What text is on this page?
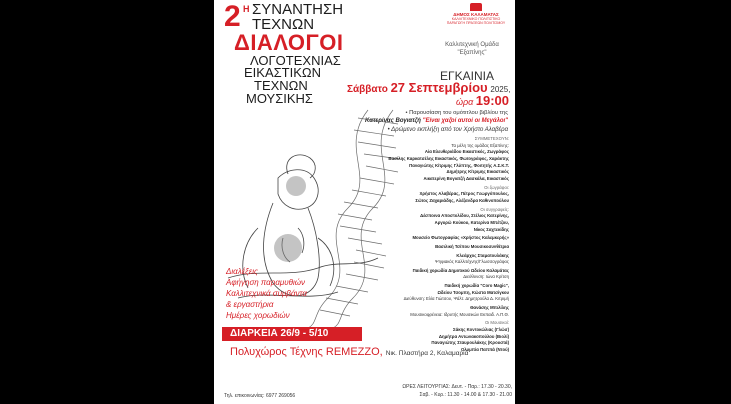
2 Η ΣΥΝΑΝΤΗΣΗ
ΤΕΧΝΩΝ
ΔΙΑΛΟΓΟΙ
ΛΟΓΟΤΕΧΝΙΑΣ
ΕΙΚΑΣΤΙΚΩΝ
ΤΕΧΝΩΝ
ΜΟΥΣΙΚΗΣ
ΔΗΜΟΣ ΚΑΛΑΜΑΤΑΣ
ΚΑΛΛΙΤΕΧΝΙΚΟ ΠΟΛΙΤΙΣΤΙΚΟ
ΠΑΡΑΓΩΓΗ ΠΡΑΞΕΩΝ ΠΟΛΙΤΙΣΜΟΥ
Καλλιτεχνική Ομάδα
"Εξαπίνης"
ΕΓΚΑΙΝΙΑ
Σάββατο 27 Σεπτεμβρίου 2025,
ώρα 19:00
• Παρουσίαση του ομότιτλου βιβλίου της
Κατερίνας Βογιατζή "Είναι χαζοί αυτοί οι Μεγάλοι"
• Δρώμενο εκπλήξη από τον Χρήστο Αλαβέρα
ΣΥΜΜΕΤΕΧΟΥΝ:
Τα μέλη της ομάδας Εξαπίνης:
Αία Ελευθεριάδου Εικαστικός, Ζωγράφος
Βασίλης Καρκατσέλης Εικαστικός, Φωτογράφος, Χαράκτης
Παναγιώτης Κίτριμης Γλύπτης, Φοιτητής Α.Σ.Κ.Τ.
Δημήτρης Κίτριμης Εικαστικός
Αικατερίνη Βογιατζή Δασκάλα, Εικαστικός
Οι ζωγράφοι:
Χρήστος Αλαβέρας, Πέτρος Γεωργόπουλος,
Σώτος Ζαχαριάδης, Αλέξανδρα Καθινοπούλου
Οι συγγραφείς:
Δέσποινα Αποστολίδου, Στέλιος Κατερίνης,
Αργυρώ Κούκου, Κατερίνα Μπέτζου,
Νίκος Σαχτεκίδης
Μουσείο Φωτογραφίας «Χρήστος Καλεμκερής»
Βασιλική Τσίπου Μουσικοσυνθέτρια
Κλεάρχος Σταματουλάκης
Ψηφιακός Καλλιτέχνης/Γλωσσογράφος
Παιδική χορωδία Δημοτικού Ωδείου Καλαμάτας
Διεύθυνση: Ιώνα Κρίτση
Παιδική χορωδία "Coro Magic",
Ωδείου Τσομπη, Κώστα Ματσίγκου
Διεύθυνση: Ελία Γιώτσου, Ψάλτ. Δημητρούλα Δ. Κιτριμή
Θανάσης Μπιλίλης
Μουσικοφρένεια: Ιδρυτής Μουσικών Εκπαιδ. Α.Π.Θ.
Οι Μουσικοί:
Σάκης Κοντοκώλιας (Γλώσ)
Δημήτρα Αντωνακοπούλου (Βιολί)
Παναγιώτης Σταυρουλάκης (Κρουστά)
Ολυμπία Παππά (Ντού)
Διαλέξεις
Αφήγηση παραμυθιών
Καλλιτεχνικά συμβάντα
& εργαστήρια
Ημέρες χορωδιών
ΔΙΑΡΚΕΙΑ 26/9 - 5/10
Πολυχώρος Τέχνης REMEZZO, Νικ. Πλαστήρα 2, Καλαμαριά
Τηλ. επικοινωνίας: 6977 269056
ΩΡΕΣ ΛΕΙΤΟΥΡΓΙΑΣ: Δευτ. - Παρ.: 17.30 - 20.30,
Σαβ. - Κυρ.: 11.30 - 14.00 & 17.30 - 21.00
